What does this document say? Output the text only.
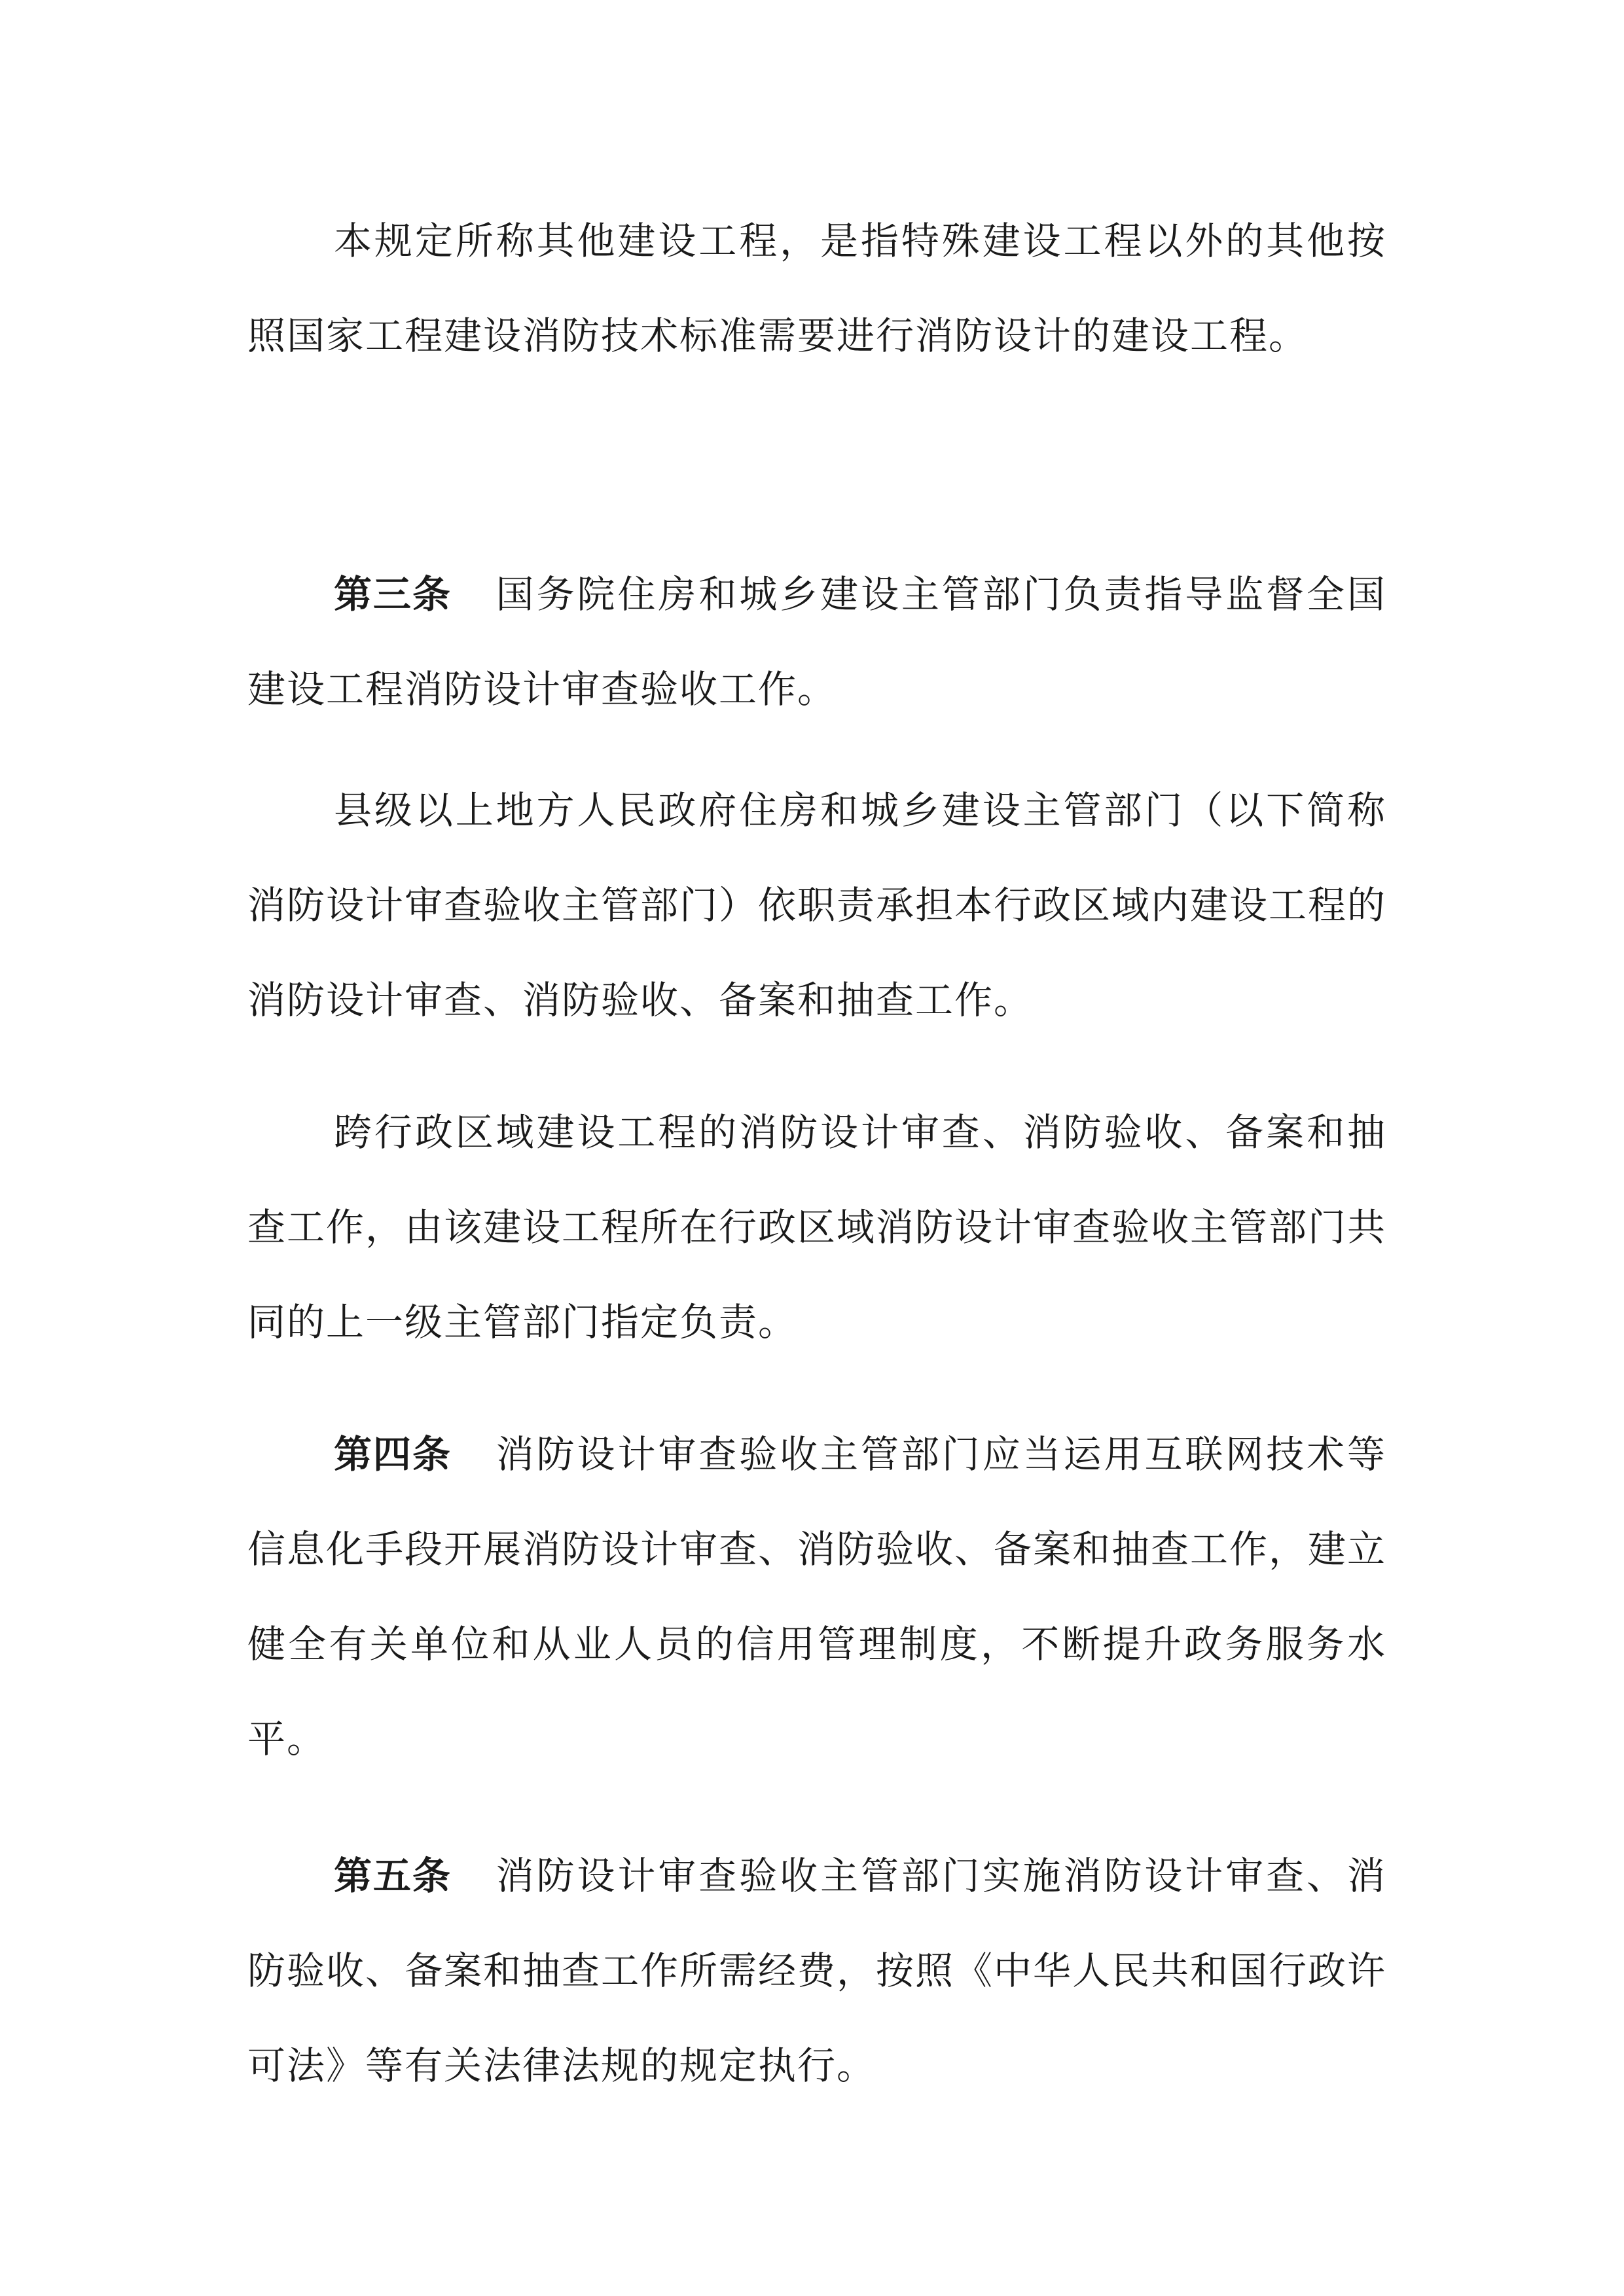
本规定所称其他建设工程，是指特殊建设工程以外的其他按照国家工程建设消防技术标准需要进行消防设计的建设工程。

第三条 国务院住房和城乡建设主管部门负责指导监督全国建设工程消防设计审查验收工作。

县级以上地方人民政府住房和城乡建设主管部门（以下简称消防设计审查验收主管部门）依职责承担本行政区域内建设工程的消防设计审查、消防验收、备案和抽查工作。

跨行政区域建设工程的消防设计审查、消防验收、备案和抽查工作，由该建设工程所在行政区域消防设计审查验收主管部门共同的上一级主管部门指定负责。

第四条 消防设计审查验收主管部门应当运用互联网技术等信息化手段开展消防设计审查、消防验收、备案和抽查工作，建立健全有关单位和从业人员的信用管理制度，不断提升政务服务水平。

第五条 消防设计审查验收主管部门实施消防设计审查、消防验收、备案和抽查工作所需经费，按照《中华人民共和国行政许可法》等有关法律法规的规定执行。
